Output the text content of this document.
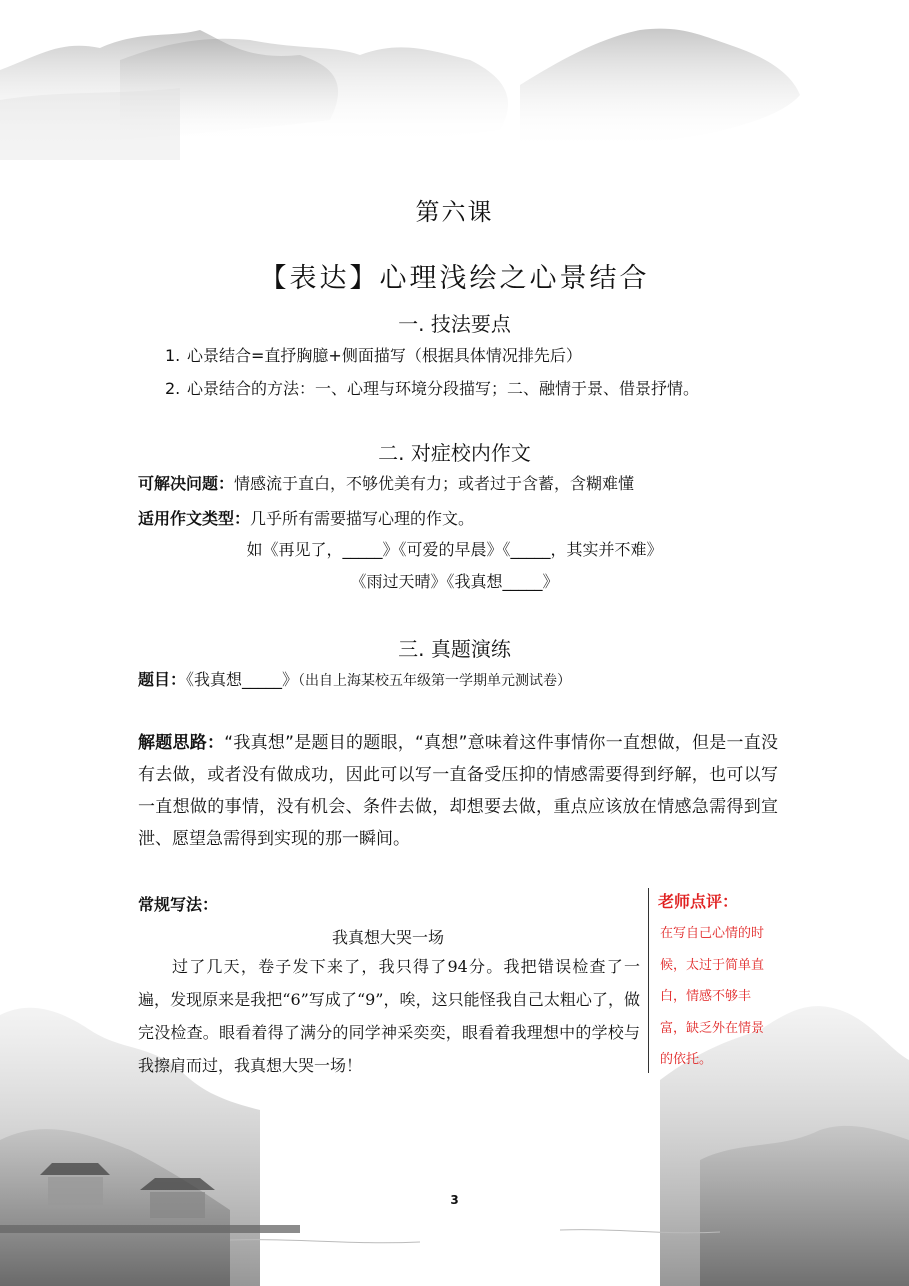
第六课
【表达】心理浅绘之心景结合
一. 技法要点
1. 心景结合=直抒胸臆+侧面描写（根据具体情况排先后）
2. 心景结合的方法：一、心理与环境分段描写；二、融情于景、借景抒情。
二. 对症校内作文
可解决问题：情感流于直白，不够优美有力；或者过于含蓄，含糊难懂
适用作文类型：几乎所有需要描写心理的作文。
如《再见了，_____》《可爱的早晨》《_____，其实并不难》
《雨过天晴》《我真想_____》
三. 真题演练
题目：《我真想_____》（出自上海某校五年级第一学期单元测试卷）
解题思路：“我真想”是题目的题眼，“真想”意味着这件事情你一直想做，但是一直没有去做，或者没有做成功，因此可以写一直备受压抑的情感需要得到纾解，也可以写一直想做的事情，没有机会、条件去做，却想要去做，重点应该放在情感急需得到宣泄、愿望急需得到实现的那一瞬间。
常规写法：
我真想大哭一场
过了几天，卷子发下来了，我只得了94分。我把错误检查了一遍，发现原来是我把“6”写成了“9”，唉，这只能怪我自己太粗心了，做完没检查。眼看着得了满分的同学神采奕奕，眼看着我理想中的学校与我擦肩而过，我真想大哭一场！
老师点评：
在写自己心情的时候，太过于简单直白，情感不够丰富，缺乏外在情景的依托。
3
